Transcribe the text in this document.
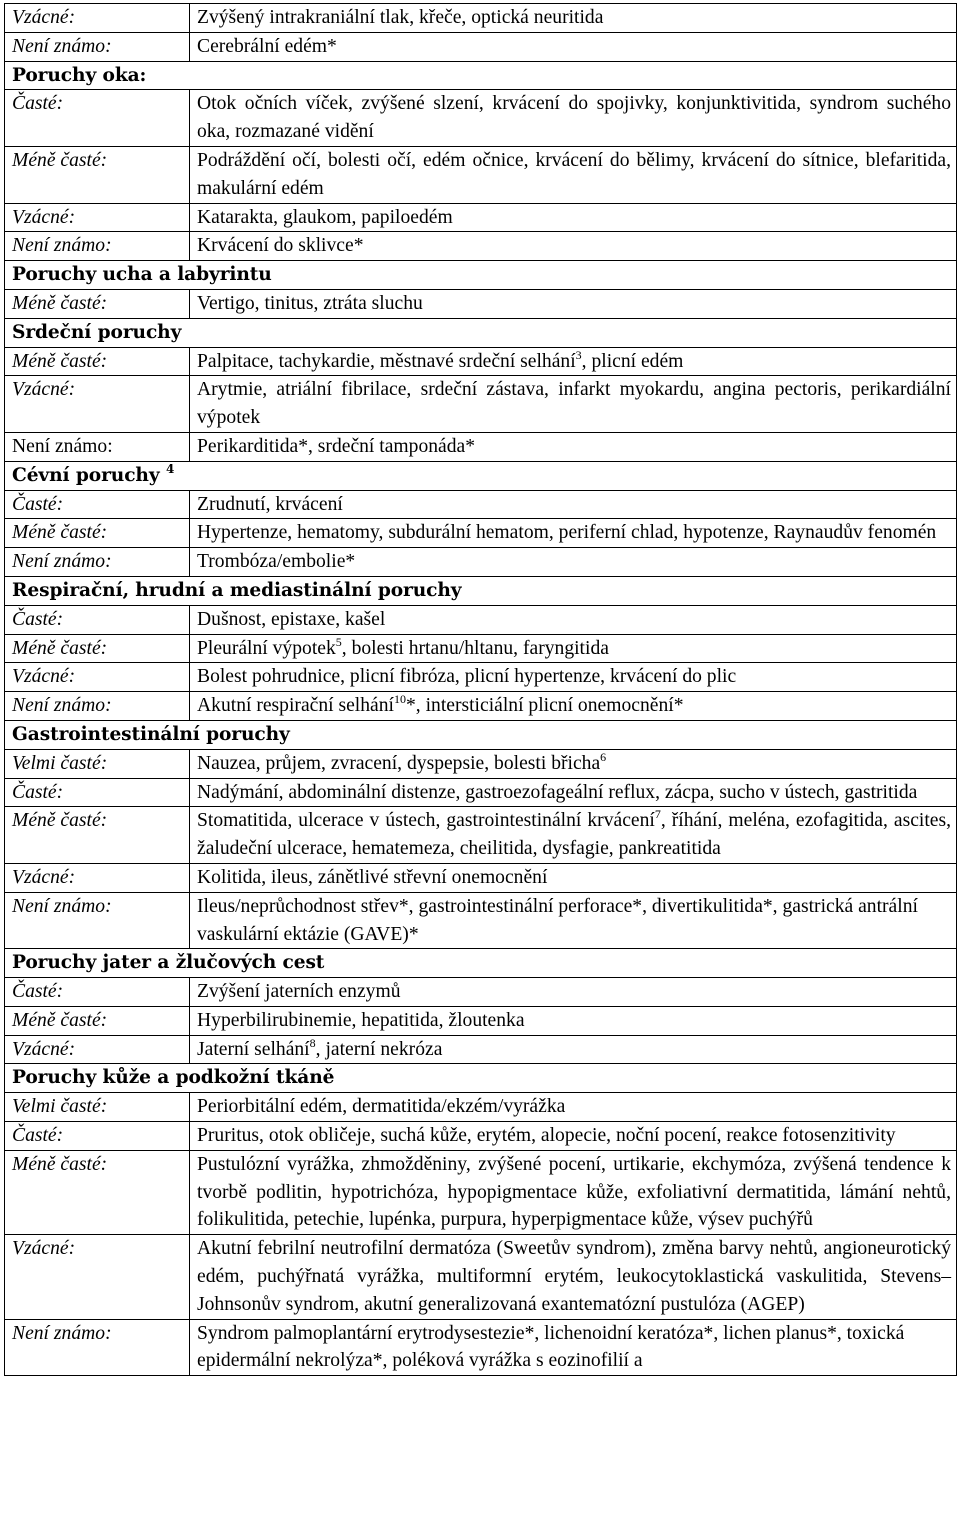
Vzácné:	Zvýšený intrakraniální tlak, křeče, optická neuritida
Není známo:	Cerebrální edém*
Poruchy oka:	
Časté:	Otok očních víček, zvýšené slzení, krvácení do spojivky, konjunktivitida, syndrom suchého oka, rozmazané vidění
Méně časté:	Podráždění očí, bolesti očí, edém očnice, krvácení do bělimy, krvácení do sítnice, blefaritida, makulární edém
Vzácné:	Katarakta, glaukom, papiloedém
Není známo:	Krvácení do sklivce*
Poruchy ucha a labyrintu	
Méně časté:	Vertigo, tinitus, ztráta sluchu
Srdeční poruchy	
Méně časté:	Palpitace, tachykardie, městnavé srdeční selhání$^3$, plicní edém
Vzácné:	Arytmie, atriální fibrilace, srdeční zástava, infarkt myokardu, angina pectoris, perikardiální výpotek
Není známo:	Perikarditida*, srdeční tamponáda*
Cévní poruchy $^4$
Časté:	Zrudnutí, krvácení
Méně časté:	Hypertenze, hematomy, subdurální hematom, periferní chlad, hypotenze, Raynaudův fenomén
Není známo:	Trombóza/embolie*
Respirační, hrudní a mediastinální poruchy	
Časté:	Dušnost, epistaxe, kašel
Méně časté:	Pleurální výpotek$^5$, bolesti hrtanu/hltanu, faryngitida
Vzácné:	Bolest pohrudnice, plicní fibróza, plicní hypertenze, krvácení do plic
Není známo:	Akutní respirační selhání$^{10}$*, intersticiální plicní onemocnění*
Gastrointestinální poruchy	
Velmi časté:	Nauzea, průjem, zvracení, dyspepsie, bolesti břicha$^6$
Časté:	Nadýmání, abdominální distenze, gastroezofageální reflux, zácpa, sucho v ústech, gastritida
Méně časté:	Stomatitida, ulcerace v ústech, gastrointestinální krvácení$^7$, říhání, meléna, ezofagitida, ascites, žaludeční ulcerace, hematemeza, cheilitida, dysfagie, pankreatitida
Vzácné:	Kolitida, ileus, zánětlivé střevní onemocnění
Není známo:	Ileus/neprůchodnost střev*, gastrointestinální perforace*, divertikulitida*, gastrická antrální vaskulární ektázie (GAVE)*
Poruchy jater a žlučových cest	
Časté:	Zvýšení jaterních enzymů
Méně časté:	Hyperbilirubinemie, hepatitida, žloutenka
Vzácné:	Jaterní selhání$^8$, jaterní nekróza
Poruchy kůže a podkožní tkáně	
Velmi časté:	Periorbitální edém, dermatitida/ekzém/vyrážka
Časté:	Pruritus, otok obličeje, suchá kůže, erytém, alopecie, noční pocení, reakce fotosenzitivity
Méně časté:	Pustulózní vyrážka, zhmožděniny, zvýšené pocení, urtikarie, ekchymóza, zvýšená tendence k tvorbě podlitin, hypotrichóza, hypopigmentace kůže, exfoliativní dermatitida, lámání nehtů, folikulitida, petechie, lupénka, purpura, hyperpigmentace kůže, výsev puchýřů
Vzácné:	Akutní febrilní neutrofilní dermatóza (Sweetův syndrom), změna barvy nehtů, angioneurotický edém, puchýřnatá vyrážka, multiformní erytém, leukocytoklastická vaskulitida, Stevens–Johnsonův syndrom, akutní generalizovaná exantematózní pustulóza (AGEP)
Není známo:	Syndrom palmoplantární erytrodysestezie*, lichenoidní keratóza*, lichen planus*, toxická epidermální nekrolýza*, poléková vyrážka s eozinofilií a
